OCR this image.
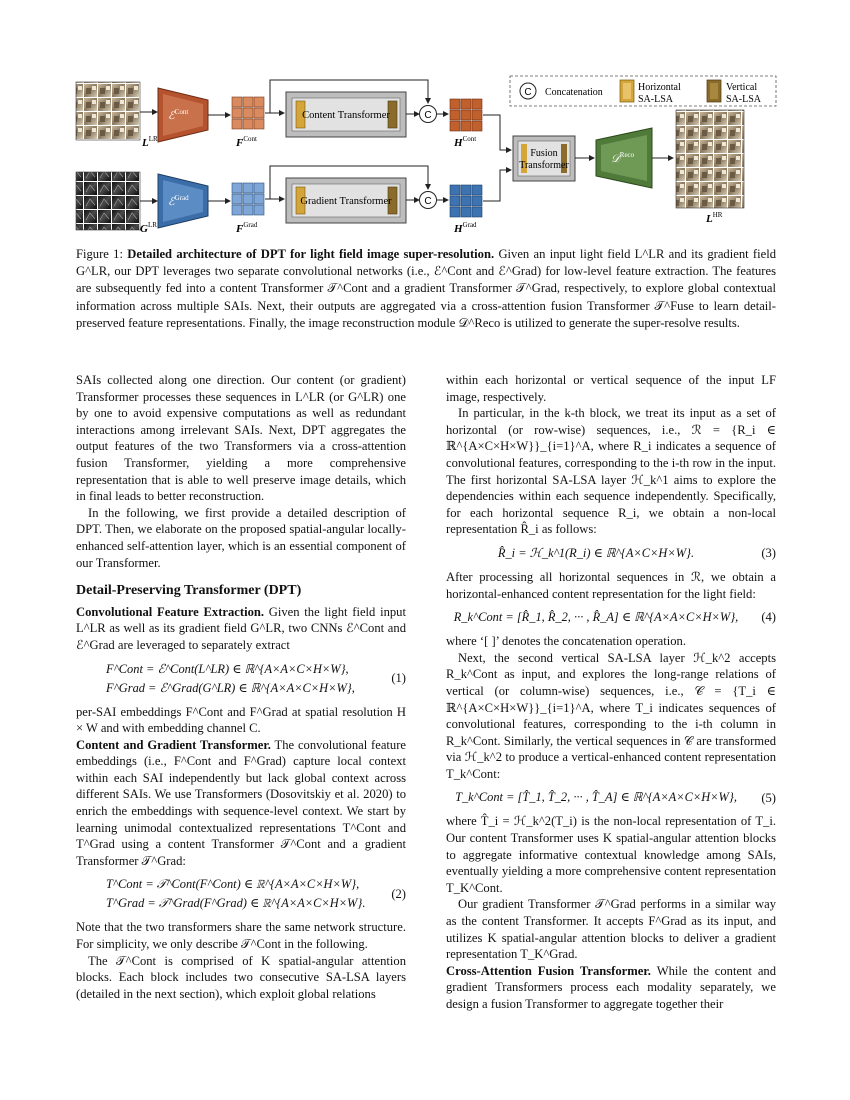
$L^{LR}$
$G^{LR}$
ℰ$^{Cont}$
ℰ$^{Grad}$
$F^{Cont}$
$F^{Grad}$
Content Transformer
Gradient Transformer
C
C
$H^{Cont}$
$H^{Grad}$
Fusion
Transformer
𝒟$^{Reco}$
$L^{HR}$
C Concatenation	Horizontal
SA-LSA
Vertical
SA-LSA
Figure 1: Detailed architecture of DPT for light field image super-resolution. Given an input light field L^LR and its gradient field G^LR, our DPT leverages two separate convolutional networks (i.e., ℰ^Cont and ℰ^Grad) for low-level feature extraction. The features are subsequently fed into a content Transformer 𝒯^Cont and a gradient Transformer 𝒯^Grad, respectively, to explore global contextual information across multiple SAIs. Next, their outputs are aggregated via a cross-attention fusion Transformer 𝒯^Fuse to learn detail-preserved feature representations. Finally, the image reconstruction module 𝒟^Reco is utilized to generate the super-resolve results.

SAIs collected along one direction. Our content (or gradient) Transformer processes these sequences in L^LR (or G^LR) one by one to avoid expensive computations as well as redundant interactions among irrelevant SAIs. Next, DPT aggregates the output features of the two Transformers via a cross-attention fusion Transformer, yielding a more comprehensive representation that is able to well preserve image details, which in final leads to better reconstruction.

In the following, we first provide a detailed description of DPT. Then, we elaborate on the proposed spatial-angular locally-enhanced self-attention layer, which is an essential component of our Transformer.

Detail-Preserving Transformer (DPT)

Convolutional Feature Extraction. Given the light field input L^LR as well as its gradient field G^LR, two CNNs ℰ^Cont and ℰ^Grad are leveraged to separately extract

F^Cont = ℰ^Cont(L^LR) ∈ ℝ^{A×A×C×H×W},
F^Grad = ℰ^Grad(G^LR) ∈ ℝ^{A×A×C×H×W},
(1)

per-SAI embeddings F^Cont and F^Grad at spatial resolution H × W and with embedding channel C.

Content and Gradient Transformer. The convolutional feature embeddings (i.e., F^Cont and F^Grad) capture local context within each SAI independently but lack global context across different SAIs. We use Transformers (Dosovitskiy et al. 2020) to enrich the embeddings with sequence-level context. We start by learning unimodal contextualized representations T^Cont and T^Grad using a content Transformer 𝒯^Cont and a gradient Transformer 𝒯^Grad:

T^Cont = 𝒯^Cont(F^Cont) ∈ ℝ^{A×A×C×H×W},
T^Grad = 𝒯^Grad(F^Grad) ∈ ℝ^{A×A×C×H×W}.
(2)

Note that the two transformers share the same network structure. For simplicity, we only describe 𝒯^Cont in the following.

The 𝒯^Cont is comprised of K spatial-angular attention blocks. Each block includes two consecutive SA-LSA layers (detailed in the next section), which exploit global relations

within each horizontal or vertical sequence of the input LF image, respectively.

In particular, in the k-th block, we treat its input as a set of horizontal (or row-wise) sequences, i.e., ℛ = {R_i ∈ ℝ^{A×C×H×W}}_{i=1}^A, where R_i indicates a sequence of convolutional features, corresponding to the i-th row in the input. The first horizontal SA-LSA layer ℋ_k^1 aims to explore the dependencies within each sequence independently. Specifically, for each horizontal sequence R_i, we obtain a non-local representation R̂_i as follows:

R̂_i = ℋ_k^1(R_i) ∈ ℝ^{A×C×H×W}.	(3)

After processing all horizontal sequences in ℛ, we obtain a horizontal-enhanced content representation for the light field:

R_k^Cont = [R̂_1, R̂_2, ··· , R̂_A] ∈ ℝ^{A×A×C×H×W},	(4)

where ‘[ ]’ denotes the concatenation operation.

Next, the second vertical SA-LSA layer ℋ_k^2 accepts R_k^Cont as input, and explores the long-range relations of vertical (or column-wise) sequences, i.e., 𝒞 = {T_i ∈ ℝ^{A×C×H×W}}_{i=1}^A, where T_i indicates sequences of convolutional features, corresponding to the i-th column in R_k^Cont. Similarly, the vertical sequences in 𝒞 are transformed via ℋ_k^2 to produce a vertical-enhanced content representation T_k^Cont:

T_k^Cont = [T̂_1, T̂_2, ··· , T̂_A] ∈ ℝ^{A×A×C×H×W},	(5)

where T̂_i = ℋ_k^2(T_i) is the non-local representation of T_i. Our content Transformer uses K spatial-angular attention blocks to aggregate informative contextual knowledge among SAIs, eventually yielding a more comprehensive content representation T_K^Cont.

Our gradient Transformer 𝒯^Grad performs in a similar way as the content Transformer. It accepts F^Grad as its input, and utilizes K spatial-angular attention blocks to deliver a gradient representation T_K^Grad.

Cross-Attention Fusion Transformer. While the content and gradient Transformers process each modality separately, we design a fusion Transformer to aggregate together their
